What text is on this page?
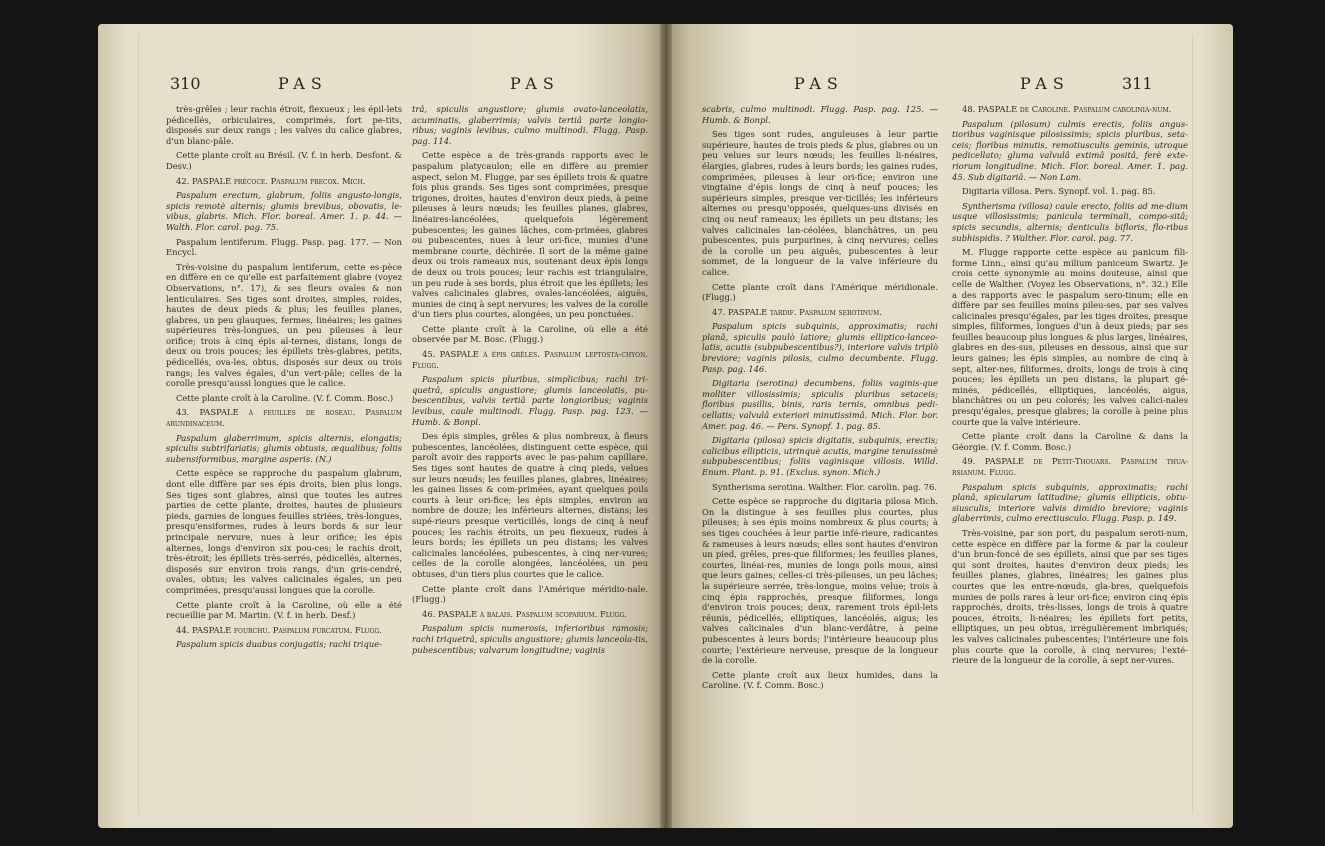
310	PAS	PAS

très-grêles ; leur rachis étroit, flexueux ; les épil-lets pédicellés, orbiculaires, comprimés, fort pe-tits, disposés sur deux rangs ; les valves du calice glabres, d'un blanc-pâle.

Cette plante croît au Brésil. (V. f. in herb. Desfont. & Desv.)

42. PASPALE précoce. Paspalum precox. Mich.

Paspalum erectum, glabrum, foliis angusto-longis, spicis remotè alternis; glumis brevibus, obovatis, le-vibus, glabris. Mich. Flor. boreal. Amer. 1. p. 44. — Walth. Flor. carol. pag. 75.

Paspalum lentiferum. Flugg. Pasp. pag. 177. — Non Encycl.

Très-voisine du paspalum lentiferum, cette es-pèce en diffère en ce qu'elle est parfaitement glabre (voyez Observations, n°. 17), & ses fleurs ovales & non lenticulaires. Ses tiges sont droites, simples, roides, hautes de deux pieds & plus; les feuilles planes, glabres, un peu glauques, fermes, linéaires; les gaines supérieures très-longues, un peu pileuses à leur orifice; trois à cinq épis al-ternes, distans, longs de deux ou trois pouces; les épillets très-glabres, petits, pédicellés, ova-les, obtus, disposés sur deux ou trois rangs; les valves égales, d'un vert-pâle; celles de la corolle presqu'aussi longues que le calice.

Cette plante croît à la Caroline. (V. f. Comm. Bosc.)

43. PASPALE à feuilles de roseau. Paspalum arundinaceum.

Paspalum glaberrimum, spicis alternis, elongatis; spiculis subtrifariatis; glumis obtusis, æqualibus; foliis subensiformibus, margine asperis. (N.)

Cette espèce se rapproche du paspalum glabrum, dont elle diffère par ses épis droits, bien plus longs. Ses tiges sont glabres, ainsi que toutes les autres parties de cette plante, droites, hautes de plusieurs pieds, garnies de longues feuilles striées, très-longues, presqu'ensiformes, rudes à leurs bords & sur leur principale nervure, nues à leur orifice; les épis alternes, longs d'environ six pou-ces; le rachis droit, très-étroit; les épillets très-serrés, pédicellés, alternes, disposés sur environ trois rangs, d'un gris-cendré, ovales, obtus; les valves calicinales égales, un peu comprimées, presqu'aussi longues que la corolle.

Cette plante croît à la Caroline, où elle a été recueillie par M. Martin. (V. f. in herb. Desf.)

44. PASPALE fourchu. Paspalum furcatum. Flugg.

Paspalum spicis duabus conjugatis; rachi trique-

trâ, spiculis angustiore; glumis ovato-lanceolatis, acuminatis, glaberrimis; valvis tertiâ parte longio-ribus; vaginis levibus, culmo multinodi. Flugg. Pasp. pag. 114.

Cette espèce a de très-grands rapports avec le paspalum platycaulon; elle en diffère au premier aspect, selon M. Flugge, par ses épillets trois & quatre fois plus grands. Ses tiges sont comprimées, presque trigones, droites, hautes d'environ deux pieds, à peine pileuses à leurs nœuds; les feuilles planes, glabres, linéaires-lancéolées, quelquefois légèrement pubescentes; les gaines lâches, com-primées, glabres ou pubescentes, nues à leur ori-fice, munies d'une membrane courte, déchirée. Il sort de la même gaine deux ou trois rameaux nus, soutenant deux épis longs de deux ou trois pouces; leur rachis est triangulaire, un peu rude à ses bords, plus étroit que les épillets; les valves calicinales glabres, ovales-lancéolées, aiguës, munies de cinq à sept nervures; les valves de la corolle d'un tiers plus courtes, alongées, un peu ponctuées.

Cette plante croît à la Caroline, où elle a été observée par M. Bosc. (Flugg.)

45. PASPALE à épis grêles. Paspalum leptosta-chyon. Flugg.

Paspalum spicis pluribus, simplicibus; rachi tri-quetrâ, spiculis angustiore; glumis lanceolatis, pu-bescentibus, valvis tertiâ parte longioribus; vaginis levibus, caule multinodi. Flugg. Pasp. pag. 123. — Humb. & Bonpl.

Des épis simples, grêles & plus nombreux, à fleurs pubescentes, lancéolées, distinguent cette espèce, qui paroît avoir des rapports avec le pas-palum capillare. Ses tiges sont hautes de quatre à cinq pieds, velues sur leurs nœuds; les feuilles planes, glabres, linéaires; les gaines lisses & com-primées, ayant quelques poils courts à leur ori-fice; les épis simples, environ au nombre de douze; les inférieurs alternes, distans; les supé-rieurs presque verticillés, longs de cinq à neuf pouces; les rachis étroits, un peu flexueux, rudes à leurs bords; les épillets un peu distans; les valves calicinales lancéolées, pubescentes, à cinq ner-vures; celles de la corolle alongées, lancéolées, un peu obtuses, d'un tiers plus courtes que le calice.

Cette plante croît dans l'Amérique méridio-nale. (Flugg.)

46. PASPALE à balais. Paspalum scoparium. Flugg.

Paspalum spicis numerosis, inferioribus ramosis; rachi triquetrâ, spiculis angustiore; glumis lanceola-tis, pubescentibus; valvarum longitudine; vaginis

PAS	PAS	311

scabris, culmo multinodi. Flugg. Pasp. pag. 125. — Humb. & Bonpl.

Ses tiges sont rudes, anguleuses à leur partie supérieure, hautes de trois pieds & plus, glabres ou un peu velues sur leurs nœuds; les feuilles li-néaires, élargies, glabres, rudes à leurs bords; les gaines rudes, comprimées, pileuses à leur ori-fice; environ une vingtaine d'épis longs de cinq à neuf pouces; les supérieurs simples, presque ver-ticillés; les inférieurs alternes ou presqu'opposés, quelques-uns divisés en cinq ou neuf rameaux; les épillets un peu distans; les valves calicinales lan-céolées, blanchâtres, un peu pubescentes, puis purpurines, à cinq nervures; celles de la corolle un peu aiguës, pubescentes à leur sommet, de la longueur de la valve inférieure du calice.

Cette plante croît dans l'Amérique méridionale. (Flugg.)

47. PASPALE tardif. Paspalum serotinum.

Paspalum spicis subquinis, approximatis; rachi planâ, spiculis paulò latiore; glumis elliptico-lanceo-latis, acutis (subpubescentibus?), interiore valvis triplò breviore; vaginis pilosis, culmo decumbente. Flugg. Pasp. pag. 146.

Digitaria (serotina) decumbens, foliis vaginis-que molliter villosissimis; spiculis pluribus setaceis; floribus pusillis, binis, raris ternis, omnibus pedi-cellatis; valvulâ exteriori minutissimâ. Mich. Flor. bor. Amer. pag. 46. — Pers. Synopf. 1. pag. 85.

Digitaria (pilosa) spicis digitatis, subquinis, erectis; calicibus ellipticis, utrinquè acutis, margine tenuissimè subpubescentibus; foliis vaginisque villosis. Willd. Enum. Plant. p. 91. (Exclus. synon. Mich.)

Syntherisma serotina. Walther. Flor. carolin. pag. 76.

Cette espèce se rapproche du digitaria pilosa Mich. On la distingue à ses feuilles plus courtes, plus pileuses; à ses épis moins nombreux & plus courts; à ses tiges couchées à leur partie infé-rieure, radicantes & rameuses à leurs nœuds; elles sont hautes d'environ un pied, grêles, pres-que filiformes; les feuilles planes, courtes, linéai-res, munies de longs poils mous, ainsi que leurs gaines; celles-ci très-pileuses, un peu lâches; la supérieure serrée, très-longue, moins velue; trois à cinq épis rapprochés, presque filiformes, longs d'environ trois pouces; deux, rarement trois épil-lets réunis, pédicellés, elliptiques, lancéolés, aigus; les valves calicinales d'un blanc-verdâtre, à peine pubescentes à leurs bords; l'intérieure beaucoup plus courte; l'extérieure nerveuse, presque de la longueur de la corolle.

Cette plante croît aux lieux humides, dans la Caroline. (V. f. Comm. Bosc.)

48. PASPALE de Caroline. Paspalum carolinia-num.

Paspalum (pilosum) culmis erectis, foliis angus-tioribus vaginisque pilosissimis; spicis pluribus, seta-ceis; floribus minutis, remotiusculis geminis, utroque pedicellato; gluma valvulâ extimâ positâ, ferè exte-riorum longitudine. Mich. Flor. boreal. Amer. 1. pag. 45. Sub digitariâ. — Non Lam.

Digitaria villosa. Pers. Synopf. vol. 1. pag. 85.

Syntherisma (villosa) caule erecto, foliis ad me-dium usque villosissimis; panicula terminali, compo-sitâ; spicis secundis, alternis; denticulis bifloris, flo-ribus subhispidis. ? Walther. Flor. carol. pag. 77.

M. Flugge rapporte cette espèce au panicum fili-forme Linn., ainsi qu'au milium paniceum Swartz. Je crois cette synonymie au moins douteuse, ainsi que celle de Walther. (Voyez les Observations, n°. 32.) Elle a des rapports avec le paspalum sero-tinum; elle en diffère par ses feuilles moins pileu-ses, par ses valves calicinales presqu'égales, par les tiges droites, presque simples, filiformes, longues d'un à deux pieds; par ses feuilles beaucoup plus longues & plus larges, linéaires, glabres en des-sus, pileuses en dessous, ainsi que sur leurs gaines; les épis simples, au nombre de cinq à sept, alter-nes, filiformes, droits, longs de trois à cinq pouces; les épillets un peu distans, la plupart gé-minés, pédicellés, elliptiques, lancéolés, aigus, blanchâtres ou un peu colorés; les valves calici-nales presqu'égales, presque glabres; la corolle à peine plus courte que la valve intérieure.

Cette plante croît dans la Caroline & dans la Géorgie. (V. f. Comm. Bosc.)

49. PASPALE de Petit-Thouars. Paspalum thua-rsianum. Flugg.

Paspalum spicis subquinis, approximatis; rachi planâ, spicularum latitudine; glumis ellipticis, obtu-siusculis, interiore valvis dimidio breviore; vaginis glaberrimis, culmo erectiusculo. Flugg. Pasp. p. 149.

Très-voisine, par son port, du paspalum seroti-num, cette espèce en diffère par la forme & par la couleur d'un brun-foncé de ses épillets, ainsi que par ses tiges qui sont droites, hautes d'environ deux pieds; les feuilles planes, glabres, linéaires; les gaines plus courtes que les entre-nœuds, gla-bres, quelquefois munies de poils rares à leur ori-fice; environ cinq épis rapprochés, droits, très-lisses, longs de trois à quatre pouces, étroits, li-néaires; les épillets fort petits, elliptiques, un peu obtus, irrégulièrement imbriqués; les valves calicinales pubescentes; l'intérieure une fois plus courte que la corolle, à cinq nervures; l'exté-rieure de la longueur de la corolle, à sept ner-vures.
